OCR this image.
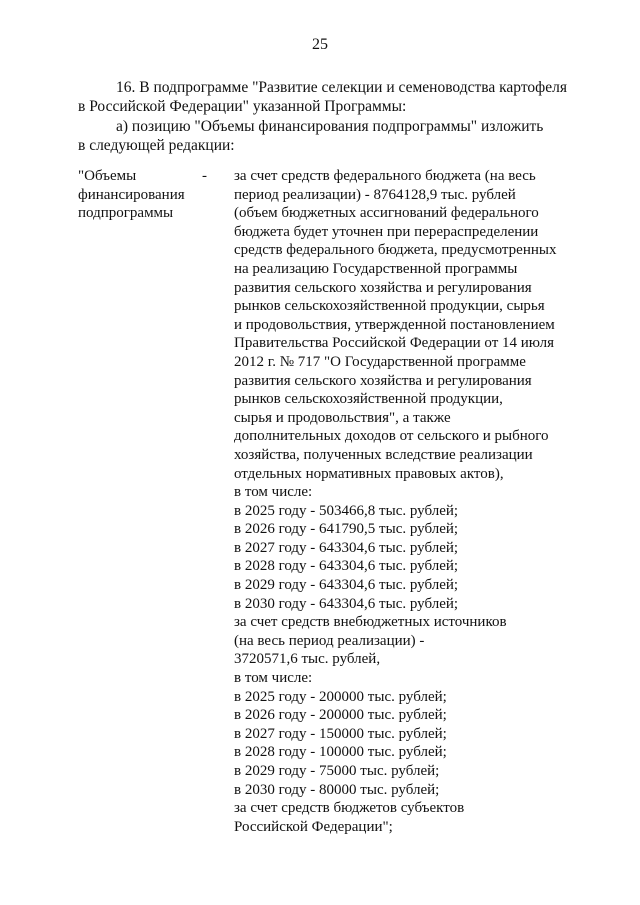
25
16. В подпрограмме "Развитие селекции и семеноводства картофеля
в Российской Федерации" указанной Программы:
а) позицию "Объемы финансирования подпрограммы" изложить
в следующей редакции:
"Объемы
финансирования
подпрограммы
- за счет средств федерального бюджета (на весь
период реализации) - 8764128,9 тыс. рублей
(объем бюджетных ассигнований федерального
бюджета будет уточнен при перераспределении
средств федерального бюджета, предусмотренных
на реализацию Государственной программы
развития сельского хозяйства и регулирования
рынков сельскохозяйственной продукции, сырья
и продовольствия, утвержденной постановлением
Правительства Российской Федерации от 14 июля
2012 г. № 717 "О Государственной программе
развития сельского хозяйства и регулирования
рынков сельскохозяйственной продукции,
сырья и продовольствия", а также
дополнительных доходов от сельского и рыбного
хозяйства, полученных вследствие реализации
отдельных нормативных правовых актов),
в том числе:
в 2025 году - 503466,8 тыс. рублей;
в 2026 году - 641790,5 тыс. рублей;
в 2027 году - 643304,6 тыс. рублей;
в 2028 году - 643304,6 тыс. рублей;
в 2029 году - 643304,6 тыс. рублей;
в 2030 году - 643304,6 тыс. рублей;
за счет средств внебюджетных источников
(на весь период реализации) -
3720571,6 тыс. рублей,
в том числе:
в 2025 году - 200000 тыс. рублей;
в 2026 году - 200000 тыс. рублей;
в 2027 году - 150000 тыс. рублей;
в 2028 году - 100000 тыс. рублей;
в 2029 году - 75000 тыс. рублей;
в 2030 году - 80000 тыс. рублей;
за счет средств бюджетов субъектов
Российской Федерации";
